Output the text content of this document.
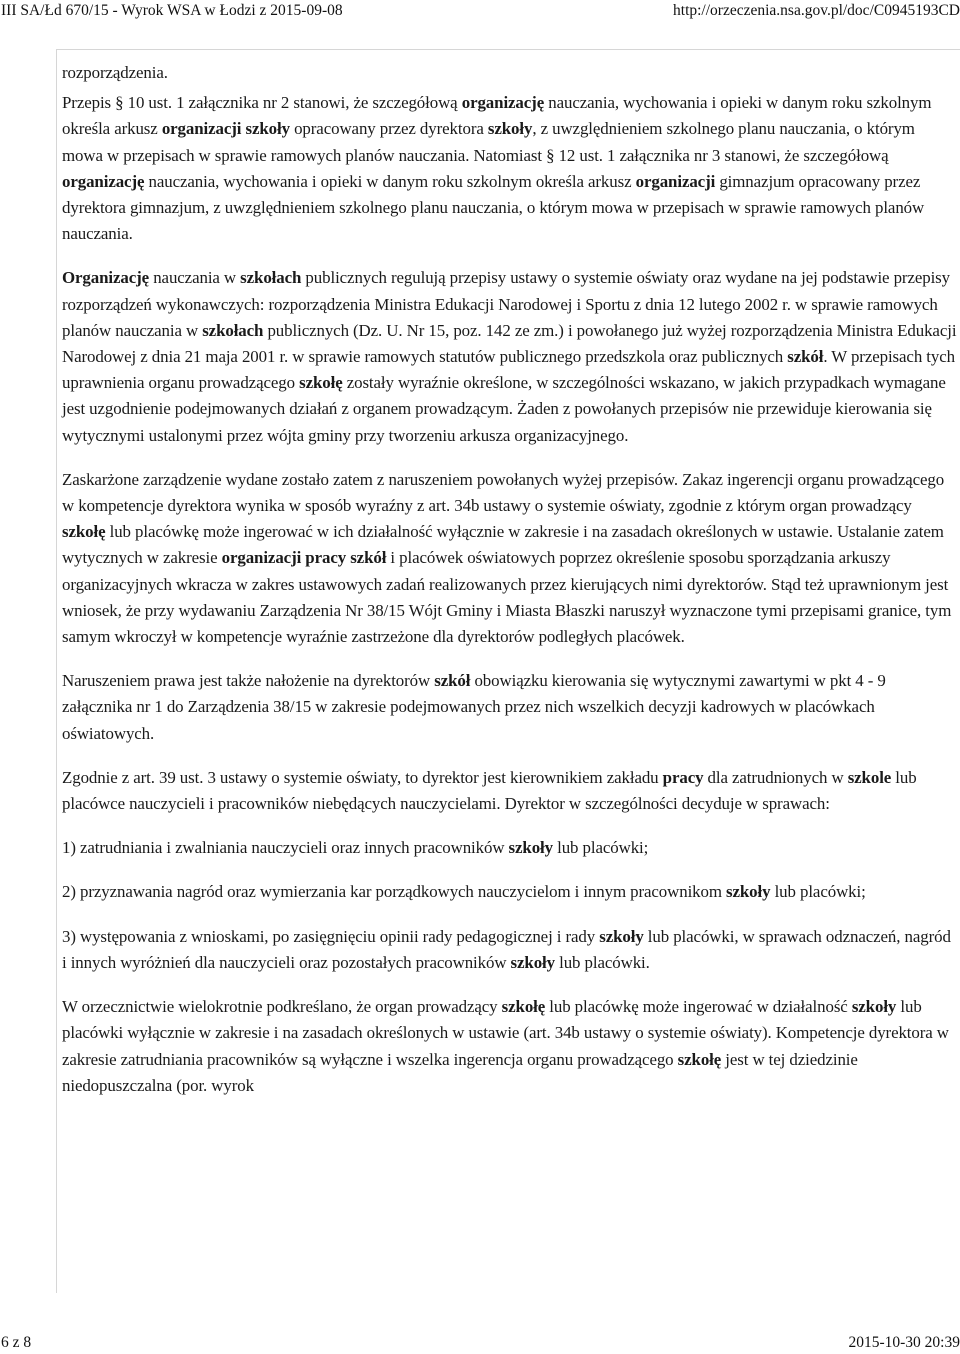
III SA/Łd 670/15 - Wyrok WSA w Łodzi z 2015-09-08	http://orzeczenia.nsa.gov.pl/doc/C0945193CD

rozporządzenia.

Przepis § 10 ust. 1 załącznika nr 2 stanowi, że szczegółową organizację nauczania, wychowania i opieki w danym roku szkolnym określa arkusz organizacji szkoły opracowany przez dyrektora szkoły, z uwzględnieniem szkolnego planu nauczania, o którym mowa w przepisach w sprawie ramowych planów nauczania. Natomiast § 12 ust. 1 załącznika nr 3 stanowi, że szczegółową organizację nauczania, wychowania i opieki w danym roku szkolnym określa arkusz organizacji gimnazjum opracowany przez dyrektora gimnazjum, z uwzględnieniem szkolnego planu nauczania, o którym mowa w przepisach w sprawie ramowych planów nauczania.

Organizację nauczania w szkołach publicznych regulują przepisy ustawy o systemie oświaty oraz wydane na jej podstawie przepisy rozporządzeń wykonawczych: rozporządzenia Ministra Edukacji Narodowej i Sportu z dnia 12 lutego 2002 r. w sprawie ramowych planów nauczania w szkołach publicznych (Dz. U. Nr 15, poz. 142 ze zm.) i powołanego już wyżej rozporządzenia Ministra Edukacji Narodowej z dnia 21 maja 2001 r. w sprawie ramowych statutów publicznego przedszkola oraz publicznych szkół. W przepisach tych uprawnienia organu prowadzącego szkołę zostały wyraźnie określone, w szczególności wskazano, w jakich przypadkach wymagane jest uzgodnienie podejmowanych działań z organem prowadzącym. Żaden z powołanych przepisów nie przewiduje kierowania się wytycznymi ustalonymi przez wójta gminy przy tworzeniu arkusza organizacyjnego.

Zaskarżone zarządzenie wydane zostało zatem z naruszeniem powołanych wyżej przepisów. Zakaz ingerencji organu prowadzącego w kompetencje dyrektora wynika w sposób wyraźny z art. 34b ustawy o systemie oświaty, zgodnie z którym organ prowadzący szkołę lub placówkę może ingerować w ich działalność wyłącznie w zakresie i na zasadach określonych w ustawie. Ustalanie zatem wytycznych w zakresie organizacji pracy szkół i placówek oświatowych poprzez określenie sposobu sporządzania arkuszy organizacyjnych wkracza w zakres ustawowych zadań realizowanych przez kierujących nimi dyrektorów. Stąd też uprawnionym jest wniosek, że przy wydawaniu Zarządzenia Nr 38/15 Wójt Gminy i Miasta Błaszki naruszył wyznaczone tymi przepisami granice, tym samym wkroczył w kompetencje wyraźnie zastrzeżone dla dyrektorów podległych placówek.

Naruszeniem prawa jest także nałożenie na dyrektorów szkół obowiązku kierowania się wytycznymi zawartymi w pkt 4 - 9 załącznika nr 1 do Zarządzenia 38/15 w zakresie podejmowanych przez nich wszelkich decyzji kadrowych w placówkach oświatowych.

Zgodnie z art. 39 ust. 3 ustawy o systemie oświaty, to dyrektor jest kierownikiem zakładu pracy dla zatrudnionych w szkole lub placówce nauczycieli i pracowników niebędących nauczycielami. Dyrektor w szczególności decyduje w sprawach:

1) zatrudniania i zwalniania nauczycieli oraz innych pracowników szkoły lub placówki;

2) przyznawania nagród oraz wymierzania kar porządkowych nauczycielom i innym pracownikom szkoły lub placówki;

3) występowania z wnioskami, po zasięgnięciu opinii rady pedagogicznej i rady szkoły lub placówki, w sprawach odznaczeń, nagród i innych wyróżnień dla nauczycieli oraz pozostałych pracowników szkoły lub placówki.

W orzecznictwie wielokrotnie podkreślano, że organ prowadzący szkołę lub placówkę może ingerować w działalność szkoły lub placówki wyłącznie w zakresie i na zasadach określonych w ustawie (art. 34b ustawy o systemie oświaty). Kompetencje dyrektora w zakresie zatrudniania pracowników są wyłączne i wszelka ingerencja organu prowadzącego szkołę jest w tej dziedzinie niedopuszczalna (por. wyrok

6 z 8	2015-10-30 20:39
